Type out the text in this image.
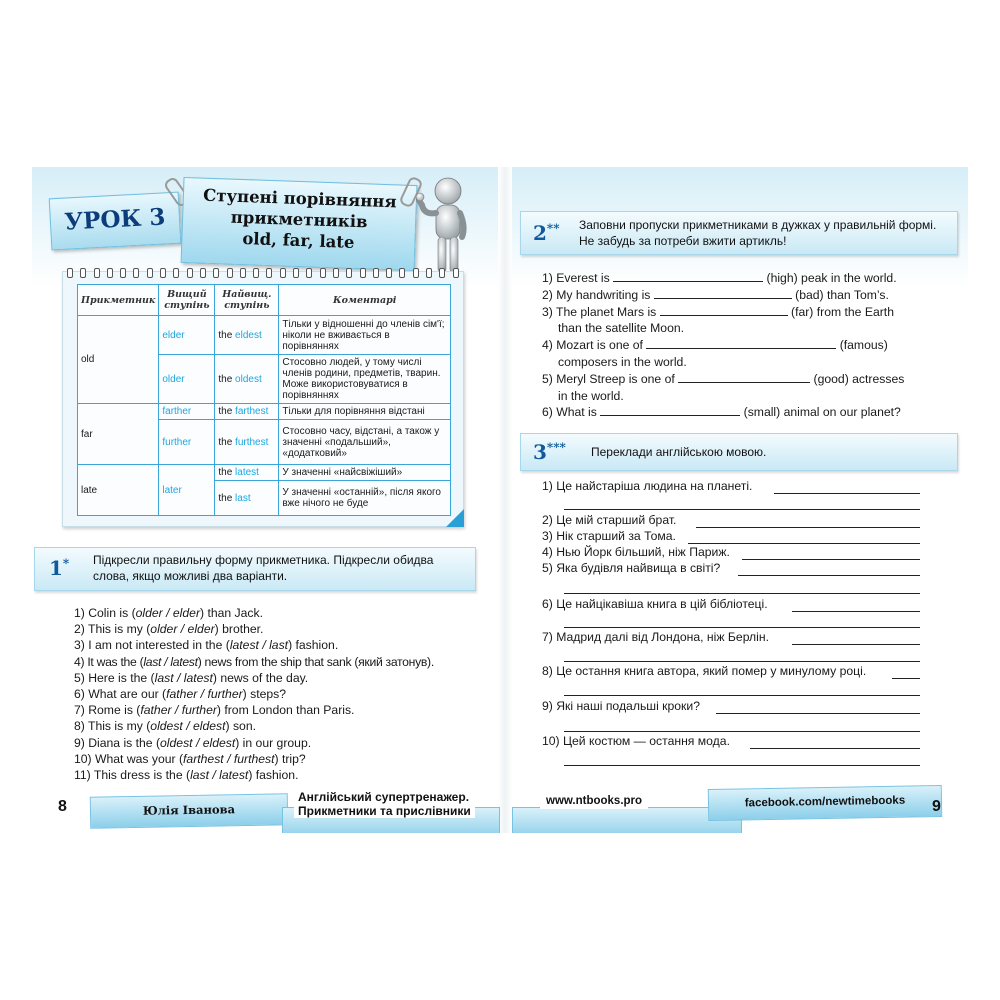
УРОК 3
Ступені порівняння
прикметників
old, far, late
Прикметник	Вищий ступінь	Найвищ. ступінь	Коментарі
old	elder	the eldest	Тільки у відношенні до членів сім'ї; ніколи не вживається в порівняннях
	older	the oldest	Стосовно людей, у тому числі членів родини, предметів, тварин. Може використовуватися в порівняннях
far	farther	the farthest	Тільки для порівняння відстані
	further	the furthest	Стосовно часу, відстані, а також у значенні «подальший», «додатковий»
late	later	the latest	У значенні «найсвіжіший»
		the last	У значенні «останній», після якого вже нічого не буде
1* Підкресли правильну форму прикметника. Підкресли обидва слова, якщо можливі два варіанти.
1) Colin is (older / elder) than Jack.
2) This is my (older / elder) brother.
3) I am not interested in the (latest / last) fashion.
4) It was the (last / latest) news from the ship that sank (який затонув).
5) Here is the (last / latest) news of the day.
6) What are our (father / further) steps?
7) Rome is (father / further) from London than Paris.
8) This is my (oldest / eldest) son.
9) Diana is the (oldest / eldest) in our group.
10) What was your (farthest / furthest) trip?
11) This dress is the (last / latest) fashion.
8	Юлія Іванова
Англійський супертренажер.
Прикметники та прислівники
2** Заповни пропуски прикметниками в дужках у правильній формі. Не забудь за потреби вжити артикль!
1) Everest is	(high) peak in the world.
2) My handwriting is	(bad) than Tom’s.
3) The planet Mars is	(far) from the Earth
than the satellite Moon.
4) Mozart is one of	(famous)
composers in the world.
5) Meryl Streep is one of	(good) actresses
in the world.
6) What is	(small) animal on our planet?
3*** Переклади англійською мовою.
1) Це найстаріша людина на планеті.
2) Це мій старший брат.
3) Нік старший за Тома.
4) Нью Йорк більший, ніж Париж.
5) Яка будівля найвища в світі?
6) Це найцікавіша книга в цій бібліотеці.
7) Мадрид далі від Лондона, ніж Берлін.
8) Це остання книга автора, який помер у минулому році.
9) Які наші подальші кроки?
10) Цей костюм — остання мода.
www.ntbooks.pro	facebook.com/newtimebooks	9
